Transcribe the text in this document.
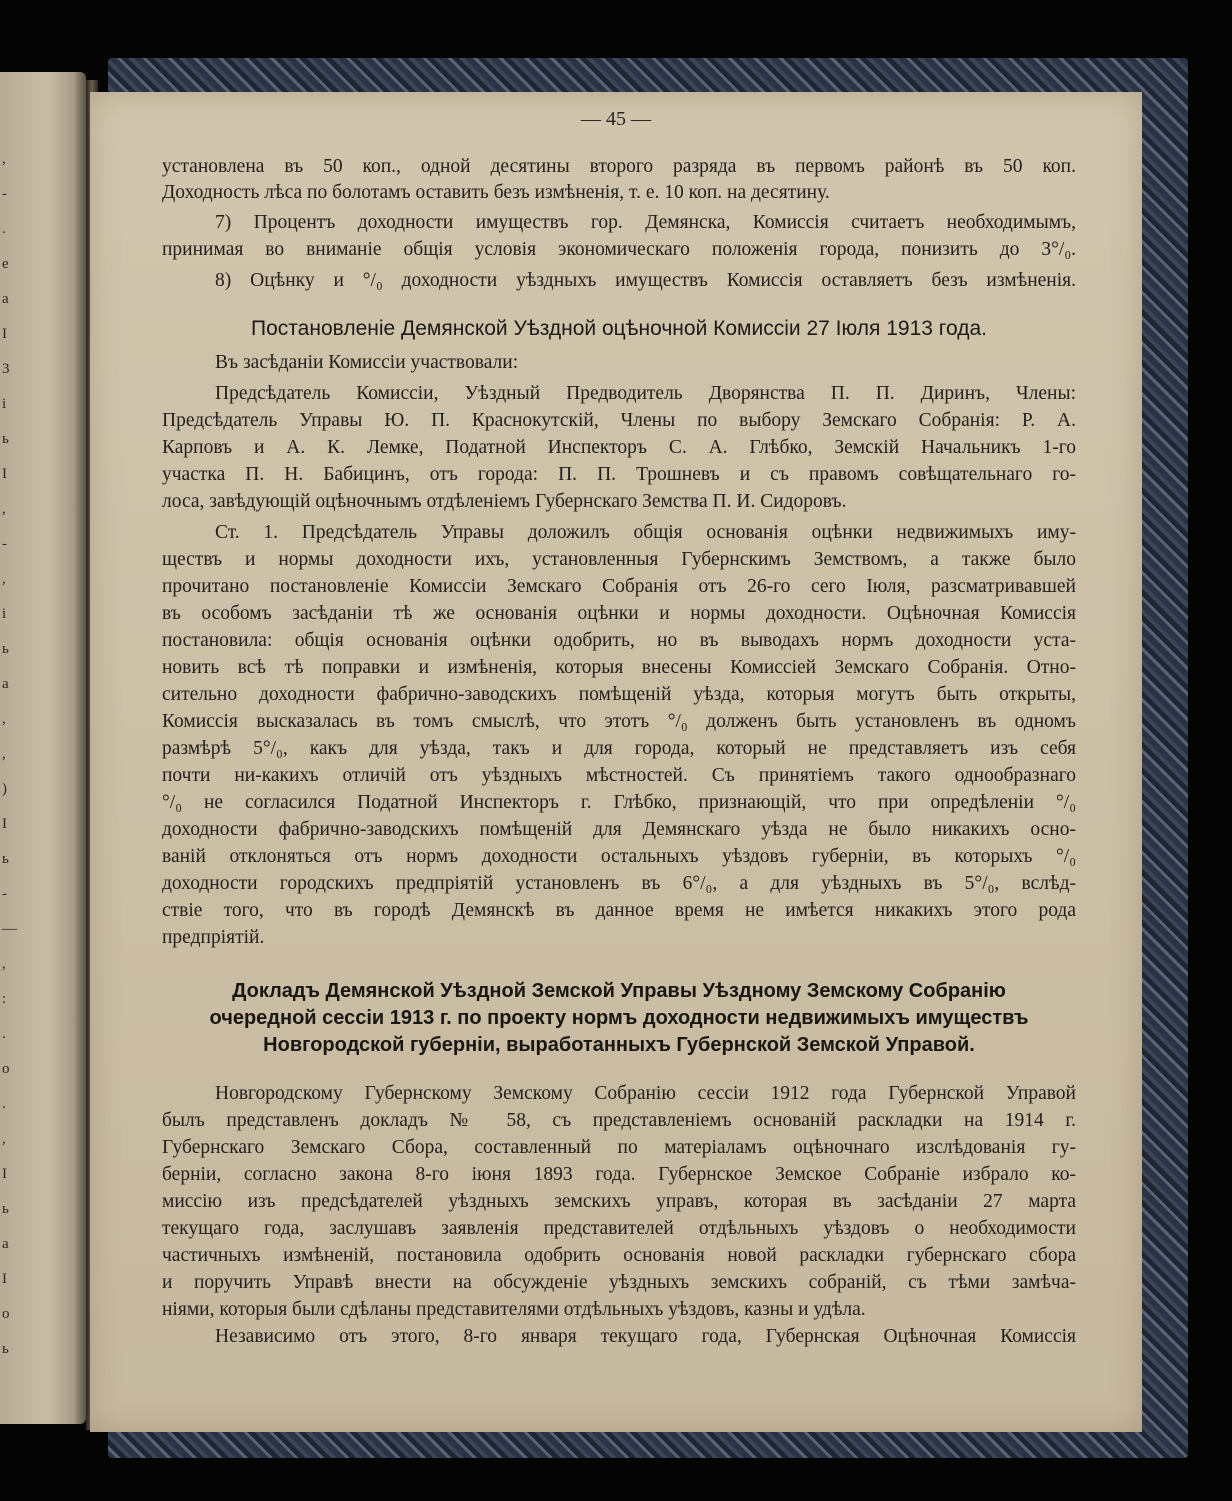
,
-
.
е
а
I
3
i
ь
I
,
-
,
і
ь
а
,
,
)
I
ь
-
—
,
:
.
о
.
,
I
ь
а
I
о
ь
— 45 —
установлена въ 50 коп., одной десятины второго разряда въ первомъ районѣ въ 50 коп.
Доходность лѣса по болотамъ оставить безъ измѣненія, т. е. 10 коп. на десятину.
7) Процентъ доходности имуществъ гор. Демянска, Комиссія считаетъ необходимымъ,
принимая во вниманіе общія условія экономическаго положенія города, понизить до 3°/₀.
8) Оцѣнку и °/₀ доходности уѣздныхъ имуществъ Комиссія оставляетъ безъ измѣненія.
Постановленіе Демянской Уѣздной оцѣночной Комиссіи 27 Іюля 1913 года.
Въ засѣданіи Комиссіи участвовали:
Предсѣдатель Комиссіи, Уѣздный Предводитель Дворянства П. П. Диринъ, Члены:
Предсѣдатель Управы Ю. П. Краснокутскій, Члены по выбору Земскаго Собранія: Р. А.
Карповъ и А. К. Лемке, Податной Инспекторъ С. А. Глѣбко, Земскій Начальникъ 1-го
участка П. Н. Бабицинъ, отъ города: П. П. Трошневъ и съ правомъ совѣщательнаго го-
лоса, завѣдующій оцѣночнымъ отдѣленіемъ Губернскаго Земства П. И. Сидоровъ.
Ст. 1. Предсѣдатель Управы доложилъ общія основанія оцѣнки недвижимыхъ иму-
ществъ и нормы доходности ихъ, установленныя Губернскимъ Земствомъ, а также было
прочитано постановленіе Комиссіи Земскаго Собранія отъ 26-го сего Іюля, разсматривавшей
въ особомъ засѣданіи тѣ же основанія оцѣнки и нормы доходности. Оцѣночная Комиссія
постановила: общія основанія оцѣнки одобрить, но въ выводахъ нормъ доходности уста-
новить всѣ тѣ поправки и измѣненія, которыя внесены Комиссіей Земскаго Собранія. Отно-
сительно доходности фабрично-заводскихъ помѣщеній уѣзда, которыя могутъ быть открыты,
Комиссія высказалась въ томъ смыслѣ, что этотъ °/₀ долженъ быть установленъ въ одномъ
размѣрѣ 5°/₀, какъ для уѣзда, такъ и для города, который не представляетъ изъ себя
почти ни-какихъ отличій отъ уѣздныхъ мѣстностей. Съ принятіемъ такого однообразнаго
°/₀ не согласился Податной Инспекторъ г. Глѣбко, признающій, что при опредѣленіи °/₀
доходности фабрично-заводскихъ помѣщеній для Демянскаго уѣзда не было никакихъ осно-
ваній отклоняться отъ нормъ доходности остальныхъ уѣздовъ губерніи, въ которыхъ °/₀
доходности городскихъ предпріятій установленъ въ 6°/₀, а для уѣздныхъ въ 5°/₀, вслѣд-
ствіе того, что въ городѣ Демянскѣ въ данное время не имѣется никакихъ этого рода
предпріятій.
Докладъ Демянской Уѣздной Земской Управы Уѣздному Земскому Собранію
очередной сессіи 1913 г. по проекту нормъ доходности недвижимыхъ имуществъ
Новгородской губерніи, выработанныхъ Губернской Земской Управой.
Новгородскому Губернскому Земскому Собранію сессіи 1912 года Губернской Управой
былъ представленъ докладъ № 58, съ представленіемъ основаній раскладки на 1914 г.
Губернскаго Земскаго Сбора, составленный по матеріаламъ оцѣночнаго изслѣдованія гу-
берніи, согласно закона 8-го іюня 1893 года. Губернское Земское Собраніе избрало ко-
миссію изъ предсѣдателей уѣздныхъ земскихъ управъ, которая въ засѣданіи 27 марта
текущаго года, заслушавъ заявленія представителей отдѣльныхъ уѣздовъ о необходимости
частичныхъ измѣненій, постановила одобрить основанія новой раскладки губернскаго сбора
и поручить Управѣ внести на обсужденіе уѣздныхъ земскихъ собраній, съ тѣми замѣча-
ніями, которыя были сдѣланы представителями отдѣльныхъ уѣздовъ, казны и удѣла.
Независимо отъ этого, 8-го января текущаго года, Губернская Оцѣночная Комиссія
